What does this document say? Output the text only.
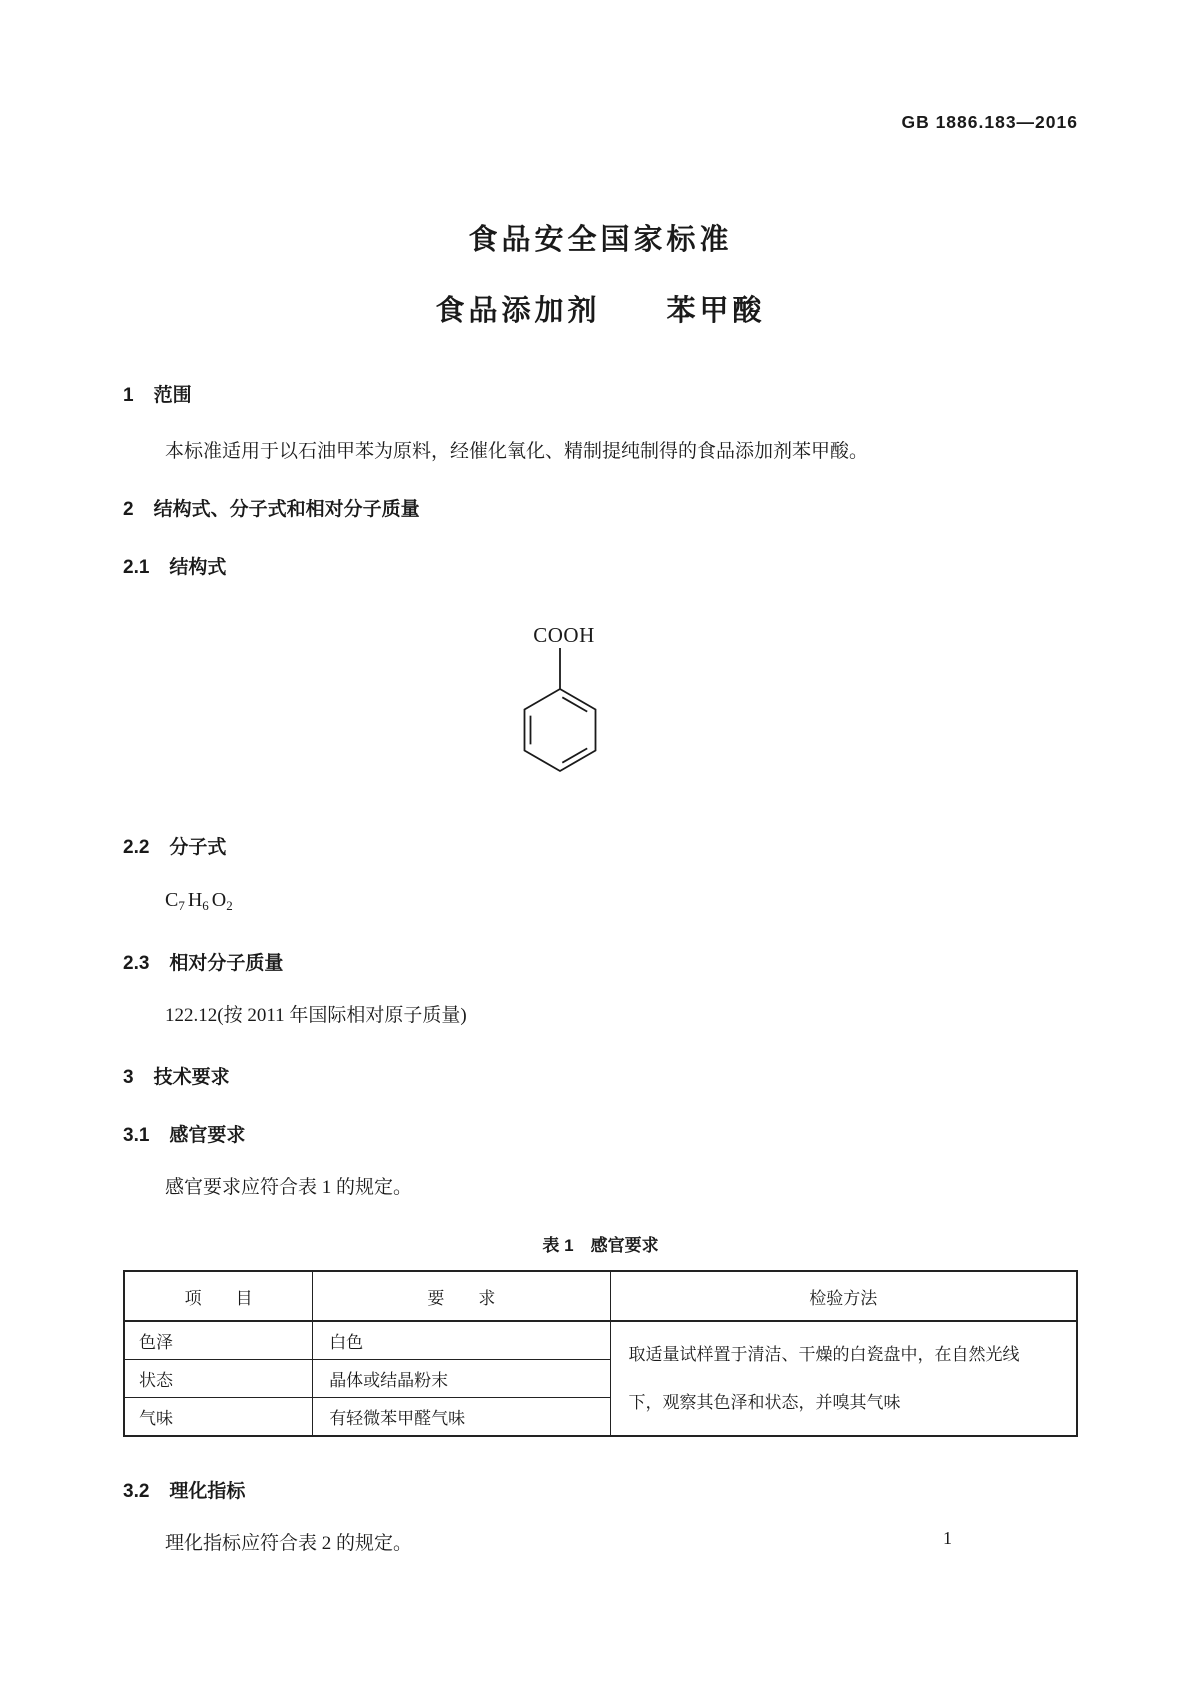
GB 1886.183—2016
食品安全国家标准
食品添加剂　　苯甲酸
1 范围

本标准适用于以石油甲苯为原料，经催化氧化、精制提纯制得的食品添加剂苯甲酸。

2 结构式、分子式和相对分子质量
2.1 结构式
COOH
2.2 分子式
$C_7$ $H_6$ $O_2$
2.3 相对分子质量
122.12(按 2011 年国际相对原子质量)
3 技术要求
3.1 感官要求

感官要求应符合表 1 的规定。

表 1　感官要求
项　　目	要　　求	检验方法
色泽	白色	取适量试样置于清洁、干燥的白瓷盘中，在自然光线下，观察其色泽和状态，并嗅其气味
状态	晶体或结晶粉末	
气味	有轻微苯甲醛气味	
3.2 理化指标

理化指标应符合表 2 的规定。	1
